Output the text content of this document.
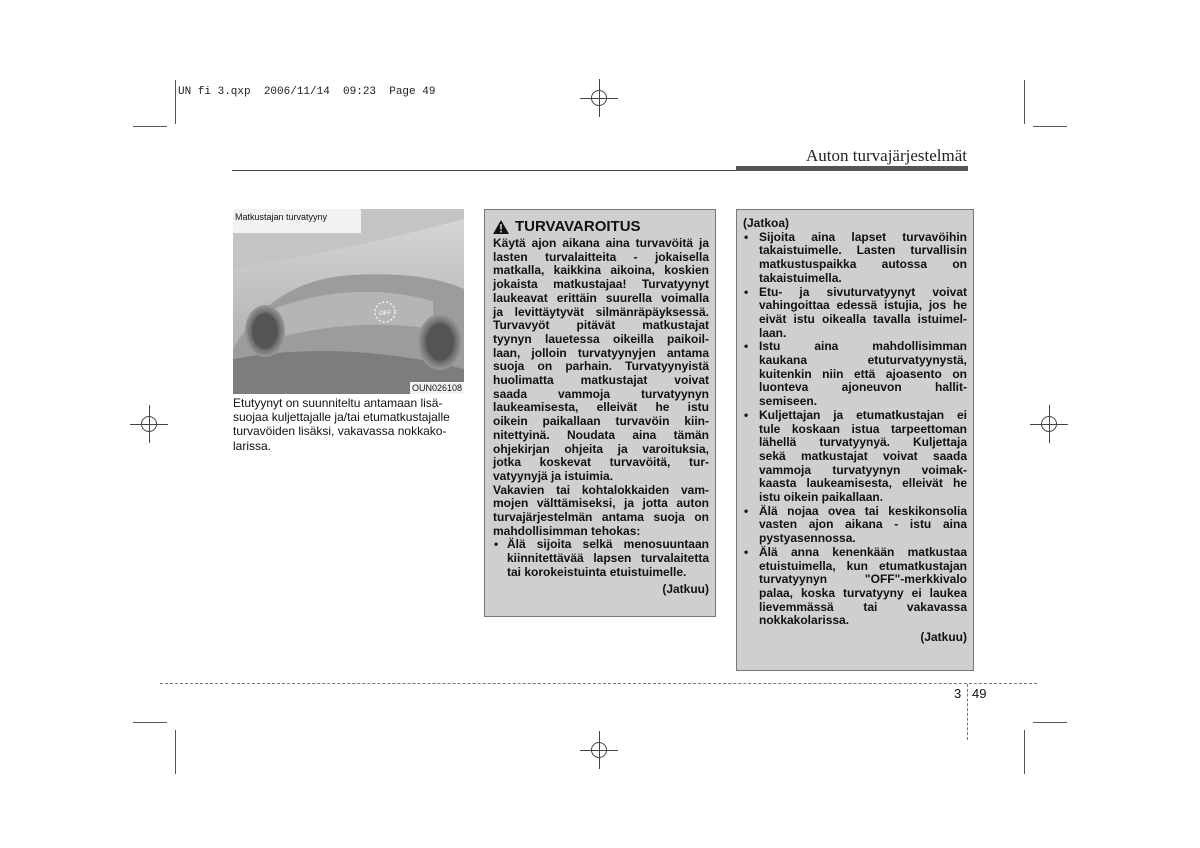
UN fi 3.qxp  2006/11/14  09:23  Page 49
Auton turvajärjestelmät
OFF
Matkustajan turvatyyny
OUN026108
Etutyynyt on suunniteltu antamaan lisä-
suojaa kuljettajalle ja/tai etumatkustajalle
turvavöiden lisäksi, vakavassa nokkako-
larissa.
TURVAVAROITUS
Käytä ajon aikana aina turvavöitä ja
lasten turvalaitteita - jokaisella
matkalla, kaikkina aikoina, koskien
jokaista matkustajaa! Turvatyynyt
laukeavat erittäin suurella voimalla
ja levittäytyvät silmänräpäyksessä.
Turvavyöt pitävät matkustajat
tyynyn lauetessa oikeilla paikoil-
laan, jolloin turvatyynyjen antama
suoja on parhain. Turvatyynyistä
huolimatta matkustajat voivat
saada vammoja turvatyynyn
laukeamisesta, elleivät he istu
oikein paikallaan turvavöin kiin-
nitettyinä. Noudata aina tämän
ohjekirjan ohjeita ja varoituksia,
jotka koskevat turvavöitä, tur-
vatyynyjä ja istuimia.
Vakavien tai kohtalokkaiden vam-
mojen välttämiseksi, ja jotta auton
turvajärjestelmän antama suoja on
mahdollisimman tehokas:
• Älä sijoita selkä menosuuntaan
kiinnitettävää lapsen turvalaitetta
tai korokeistuinta etuistuimelle.
(Jatkuu)
(Jatkoa)
• Sijoita aina lapset turvavöihin
takaistuimelle. Lasten turvallisin
matkustuspaikka autossa on
takaistuimella.
• Etu- ja sivuturvatyynyt voivat
vahingoittaa edessä istujia, jos he
eivät istu oikealla tavalla istuimel-
laan.
• Istu aina mahdollisimman
kaukana etuturvatyynystä,
kuitenkin niin että ajoasento on
luonteva ajoneuvon hallit-
semiseen.
• Kuljettajan ja etumatkustajan ei
tule koskaan istua tarpeettoman
lähellä turvatyynyä. Kuljettaja
sekä matkustajat voivat saada
vammoja turvatyynyn voimak-
kaasta laukeamisesta, elleivät he
istu oikein paikallaan.
• Älä nojaa ovea tai keskikonsolia
vasten ajon aikana - istu aina
pystyasennossa.
• Älä anna kenenkään matkustaa
etuistuimella, kun etumatkustajan
turvatyynyn "OFF"-merkkivalo
palaa, koska turvatyyny ei laukea
lievemmässä tai vakavassa
nokkakolarissa.
(Jatkuu)
3 49
